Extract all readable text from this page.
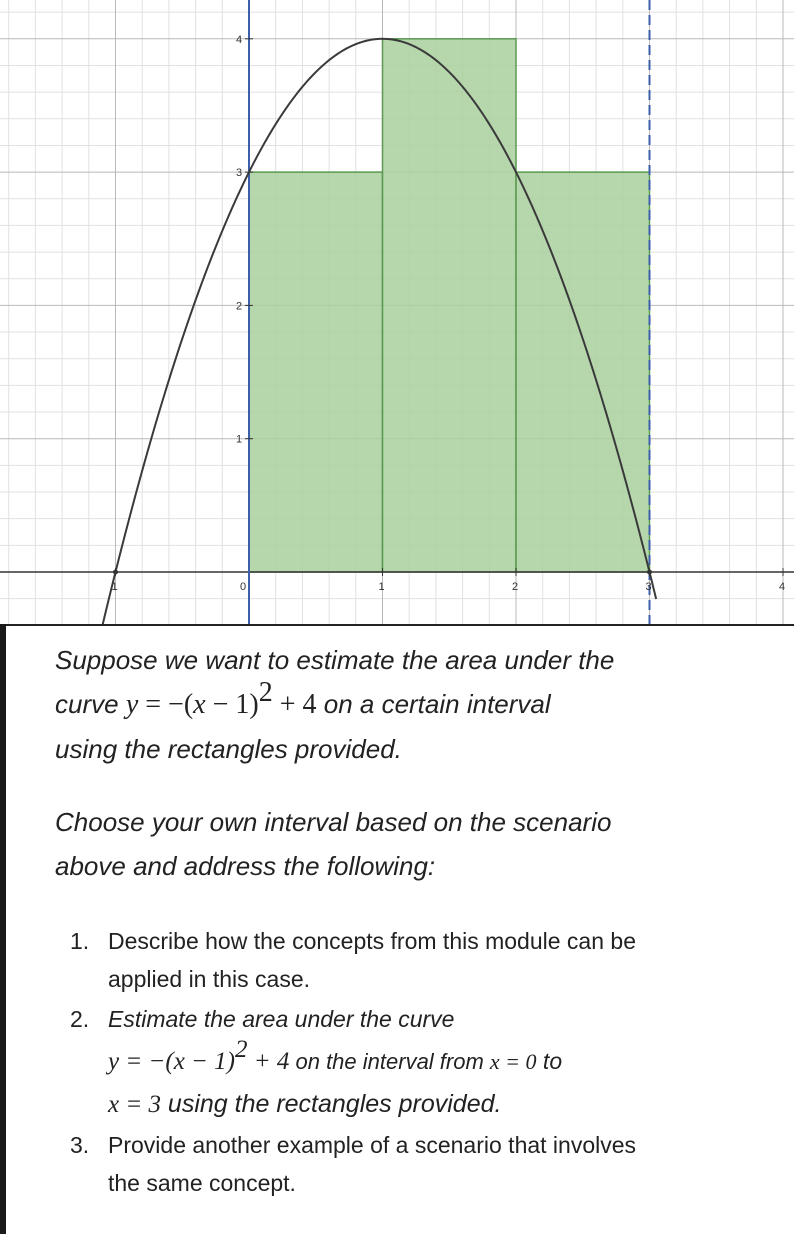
1	0	1	2	3	4
1
2
3
4
Suppose we want to estimate the area under the
curve $y = -(x - 1)^2 + 4$ on a certain interval
using the rectangles provided.
Choose your own interval based on the scenario
above and address the following:
1. Describe how the concepts from this module can be
applied in this case.
2. Estimate the area under the curve
$y = -(x - 1)^2 + 4$ on the interval from x = 0 to
x = 3 using the rectangles provided.
3. Provide another example of a scenario that involves
the same concept.
